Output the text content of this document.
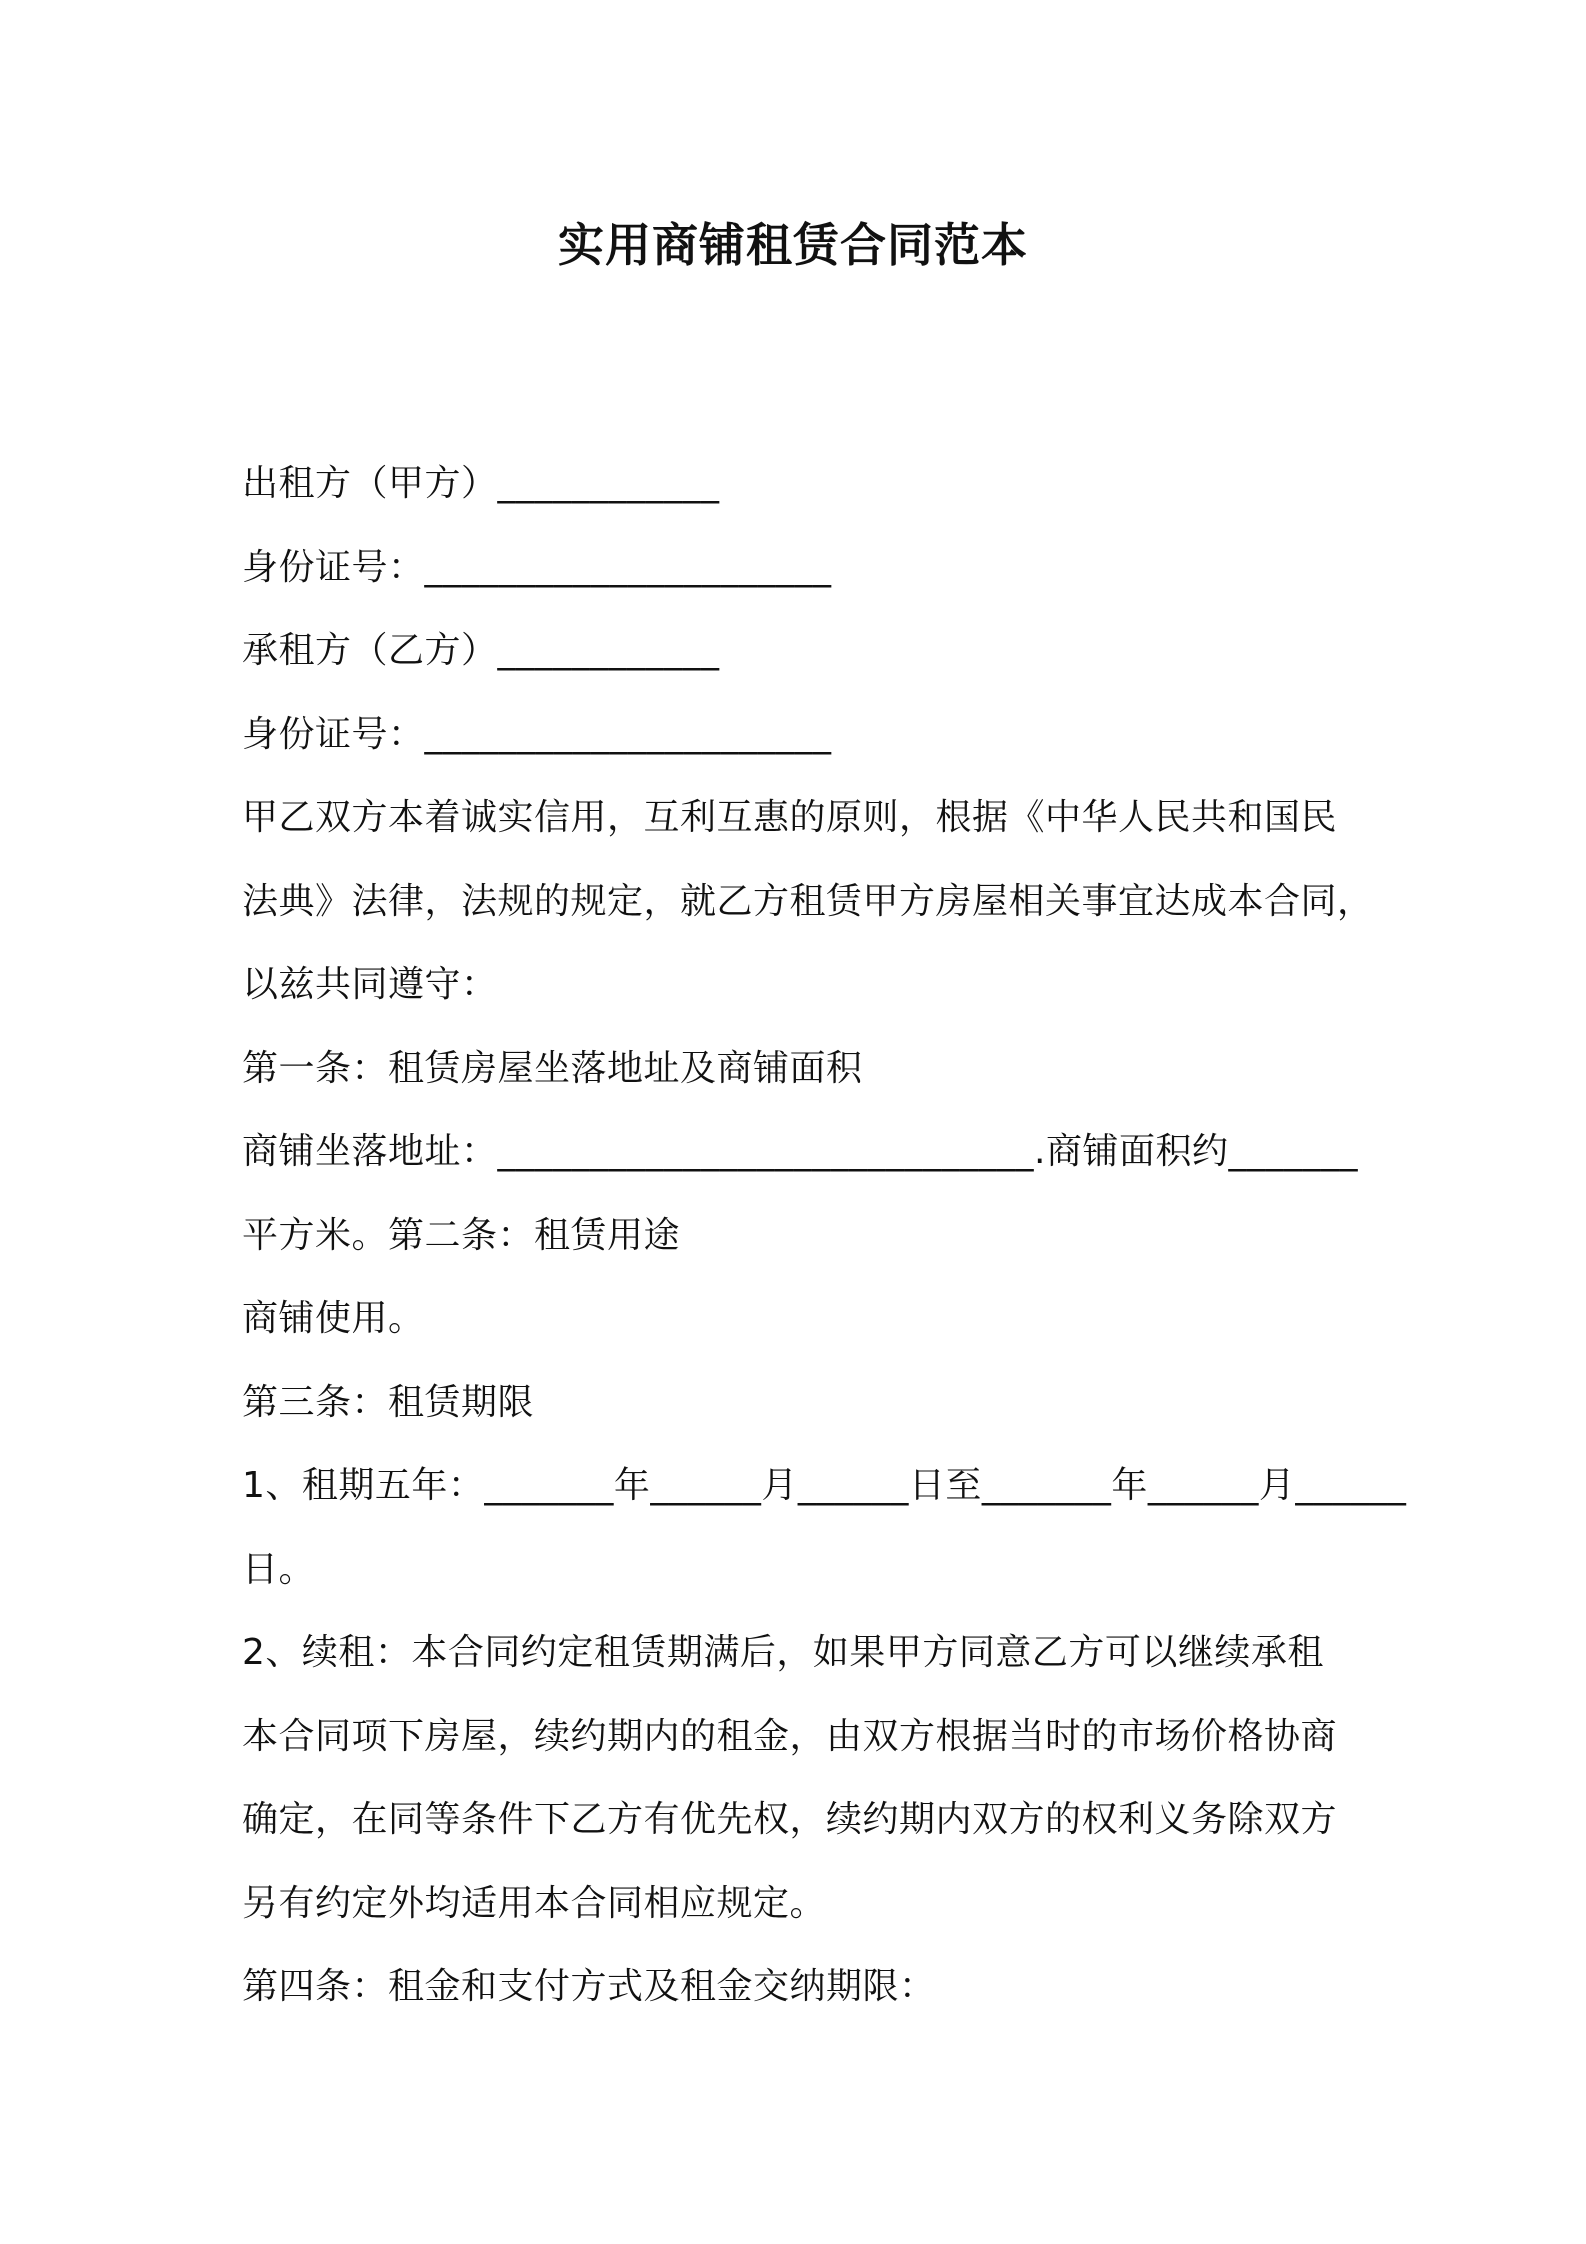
实用商铺租赁合同范本
出租方（甲方）____________
身份证号：______________________
承租方（乙方）____________
身份证号：______________________
甲乙双方本着诚实信用，互利互惠的原则，根据《中华人民共和国民
法典》法律，法规的规定，就乙方租赁甲方房屋相关事宜达成本合同，
以兹共同遵守：
第一条：租赁房屋坐落地址及商铺面积
商铺坐落地址：_____________________________.商铺面积约_______
平方米。第二条：租赁用途
商铺使用。
第三条：租赁期限
1、租期五年：_______年______月______日至_______年______月______
日。
2、续租：本合同约定租赁期满后，如果甲方同意乙方可以继续承租
本合同项下房屋，续约期内的租金，由双方根据当时的市场价格协商
确定，在同等条件下乙方有优先权，续约期内双方的权利义务除双方
另有约定外均适用本合同相应规定。
第四条：租金和支付方式及租金交纳期限：
